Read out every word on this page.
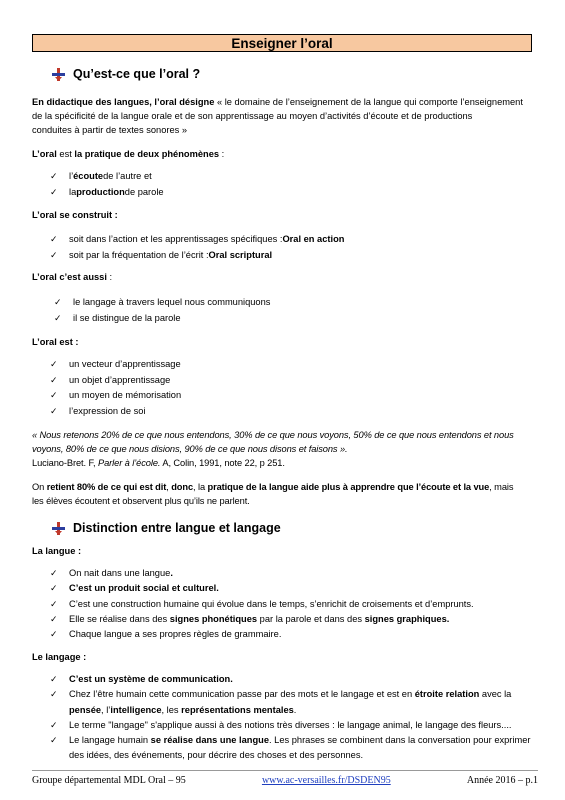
Enseigner l’oral
Qu’est-ce que l’oral ?
En didactique des langues, l’oral désigne « le domaine de l’enseignement de la langue qui comporte l’enseignement
de la spécificité de la langue orale et de son apprentissage au moyen d’activités d’écoute et de productions
conduites à partir de textes sonores »
L’oral est la pratique de deux phénomènes :
✓ l’ écoute de l’autre et
✓ la production de parole
L’oral se construit :
✓ soit dans l’action et les apprentissages spécifiques : Oral en action
✓ soit par la fréquentation de l’écrit : Oral scriptural
L’oral c’est aussi :
✓ le langage à travers lequel nous communiquons
✓ il se distingue de la parole
L’oral est :
✓ un vecteur d’apprentissage
✓ un objet d’apprentissage
✓ un moyen de mémorisation
✓ l’expression de soi
« Nous retenons 20% de ce que nous entendons, 30% de ce que nous voyons, 50% de ce que nous entendons et nous
voyons, 80% de ce que nous disions, 90% de ce que nous disons et faisons ».
Luciano-Bret. F, Parler à l’école. A, Colin, 1991, note 22, p 251.
On retient 80% de ce qui est dit, donc, la pratique de la langue aide plus à apprendre que l’écoute et la vue, mais
les élèves écoutent et observent plus qu’ils ne parlent.
Distinction entre langue et langage
La langue :
✓ On nait dans une langue.
✓ C’est un produit social et culturel.
✓ C’est une construction humaine qui évolue dans le temps, s’enrichit de croisements et d’emprunts.
✓ Elle se réalise dans des signes phonétiques par la parole et dans des signes graphiques.
✓ Chaque langue a ses propres règles de grammaire.
Le langage :
✓ C’est un système de communication.
✓ Chez l’être humain cette communication passe par des mots et le langage et est en étroite relation avec la
pensée, l’intelligence, les représentations mentales.
✓ Le terme "langage" s'applique aussi à des notions très diverses : le langage animal, le langage des fleurs....
✓ Le langage humain se réalise dans une langue. Les phrases se combinent dans la conversation pour exprimer
des idées, des événements, pour décrire des choses et des personnes.
Groupe départemental MDL Oral – 95	www.ac-versailles.fr/DSDEN95	Année 2016 – p.1
